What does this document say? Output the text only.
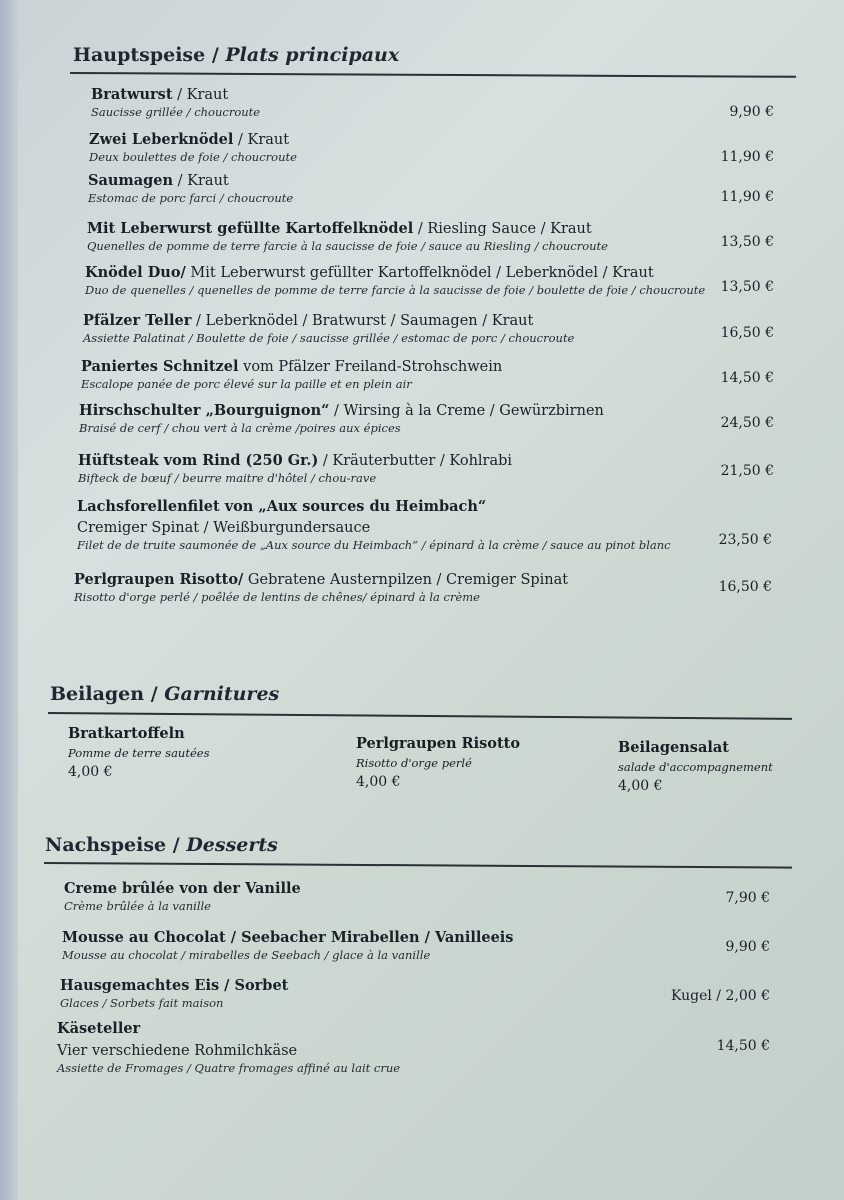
Hauptspeise / Plats principaux
Bratwurst / Kraut
Saucisse grillée / choucroute	9,90 €
Zwei Leberknödel / Kraut
Deux boulettes de foie / choucroute	11,90 €
Saumagen / Kraut
Estomac de porc farci / choucroute	11,90 €
Mit Leberwurst gefüllte Kartoffelknödel / Riesling Sauce / Kraut
Quenelles de pomme de terre farcie à la saucisse de foie / sauce au Riesling / choucroute	13,50 €
Knödel Duo/ Mit Leberwurst gefüllter Kartoffelknödel / Leberknödel / Kraut
Duo de quenelles / quenelles de pomme de terre farcie à la saucisse de foie / boulette de foie / choucroute	13,50 €
Pfälzer Teller / Leberknödel / Bratwurst / Saumagen / Kraut
Assiette Palatinat / Boulette de foie / saucisse grillée / estomac de porc / choucroute	16,50 €
Paniertes Schnitzel vom Pfälzer Freiland-Strohschwein
Escalope panée de porc élevé sur la paille et en plein air	14,50 €
Hirschschulter „Bourguignon“ / Wirsing à la Creme / Gewürzbirnen
Braisé de cerf / chou vert à la crème /poires aux épices	24,50 €
Hüftsteak vom Rind (250 Gr.) / Kräuterbutter / Kohlrabi
Bifteck de bœuf / beurre maitre d'hôtel / chou-rave	21,50 €
Lachsforellenfilet von „Aux sources du Heimbach“
Cremiger Spinat / Weißburgundersauce
Filet de de truite saumonée de „Aux source du Heimbach“ / épinard à la crème / sauce au pinot blanc	23,50 €
Perlgraupen Risotto/ Gebratene Austernpilzen / Cremiger Spinat
Risotto d'orge perlé / poêlée de lentins de chênes/ épinard à la crème
16,50 €
Beilagen / Garnitures
Bratkartoffeln
Pomme de terre sautées
4,00 €
Perlgraupen Risotto
Risotto d'orge perlé
4,00 €
Beilagensalat
salade d'accompagnement
4,00 €
Nachspeise / Desserts
Creme brûlée von der Vanille
Crème brûlée à la vanille	7,90 €
Mousse au Chocolat / Seebacher Mirabellen / Vanilleeis
Mousse au chocolat / mirabelles de Seebach / glace à la vanille	9,90 €
Hausgemachtes Eis / Sorbet
Glaces / Sorbets fait maison	Kugel / 2,00 €
Käseteller
Vier verschiedene Rohmilchkäse
Assiette de Fromages / Quatre fromages affiné au lait crue
14,50 €
